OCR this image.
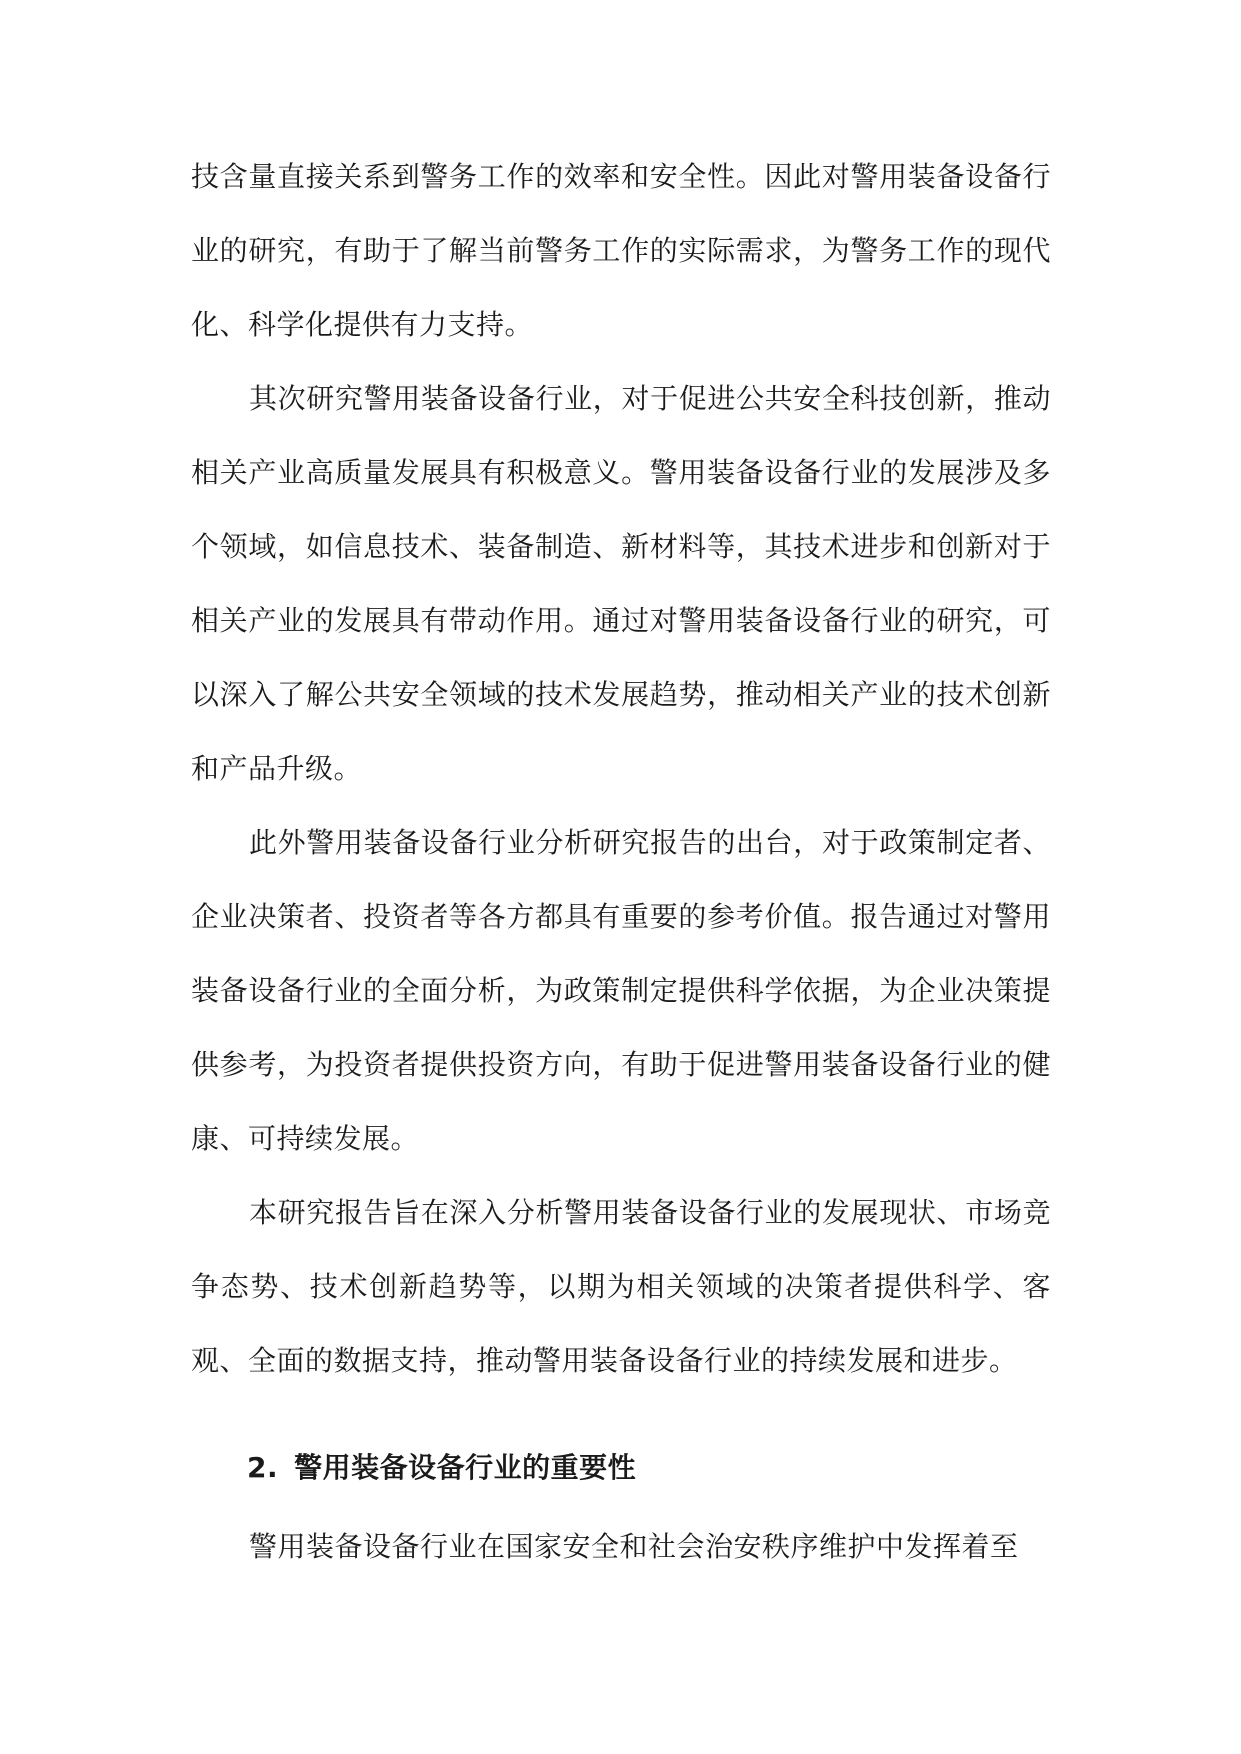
技含量直接关系到警务工作的效率和安全性。因此对警用装备设备行业的研究，有助于了解当前警务工作的实际需求，为警务工作的现代化、科学化提供有力支持。

其次研究警用装备设备行业，对于促进公共安全科技创新，推动相关产业高质量发展具有积极意义。警用装备设备行业的发展涉及多个领域，如信息技术、装备制造、新材料等，其技术进步和创新对于相关产业的发展具有带动作用。通过对警用装备设备行业的研究，可以深入了解公共安全领域的技术发展趋势，推动相关产业的技术创新和产品升级。

此外警用装备设备行业分析研究报告的出台，对于政策制定者、企业决策者、投资者等各方都具有重要的参考价值。报告通过对警用装备设备行业的全面分析，为政策制定提供科学依据，为企业决策提供参考，为投资者提供投资方向，有助于促进警用装备设备行业的健康、可持续发展。

本研究报告旨在深入分析警用装备设备行业的发展现状、市场竞争态势、技术创新趋势等，以期为相关领域的决策者提供科学、客观、全面的数据支持，推动警用装备设备行业的持续发展和进步。

2. 警用装备设备行业的重要性

警用装备设备行业在国家安全和社会治安秩序维护中发挥着至
